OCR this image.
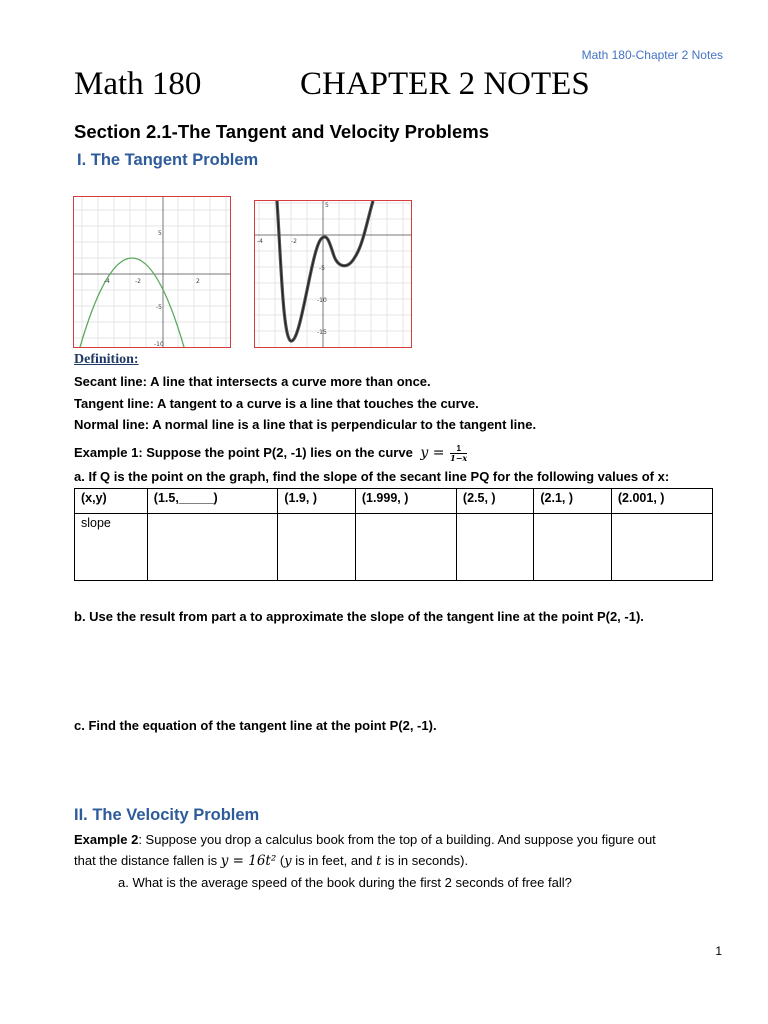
Math 180-Chapter 2 Notes
Math 180	CHAPTER 2 NOTES
Section 2.1-The Tangent and Velocity Problems
I. The Tangent Problem
-4	-2	2
5
-5
-10
-4	-2
5
-5
-10
-15
Definition:
Secant line: A line that intersects a curve more than once.
Tangent line: A tangent to a curve is a line that touches the curve.
Normal line: A normal line is a line that is perpendicular to the tangent line.
Example 1: Suppose the point P(2, -1) lies on the curve $y = \frac{1}{1-x}$
a. If Q is the point on the graph, find the slope of the secant line PQ for the following values of x:
(x,y)	(1.5,_____)	(1.9, )	(1.999, )	(2.5, )	(2.1, )	(2.001, )
slope						
b. Use the result from part a to approximate the slope of the tangent line at the point P(2, -1).
c. Find the equation of the tangent line at the point P(2, -1).
II. The Velocity Problem
Example 2: Suppose you drop a calculus book from the top of a building. And suppose you figure out
that the distance fallen is y = 16t² (y is in feet, and t is in seconds).
a. What is the average speed of the book during the first 2 seconds of free fall?
1
